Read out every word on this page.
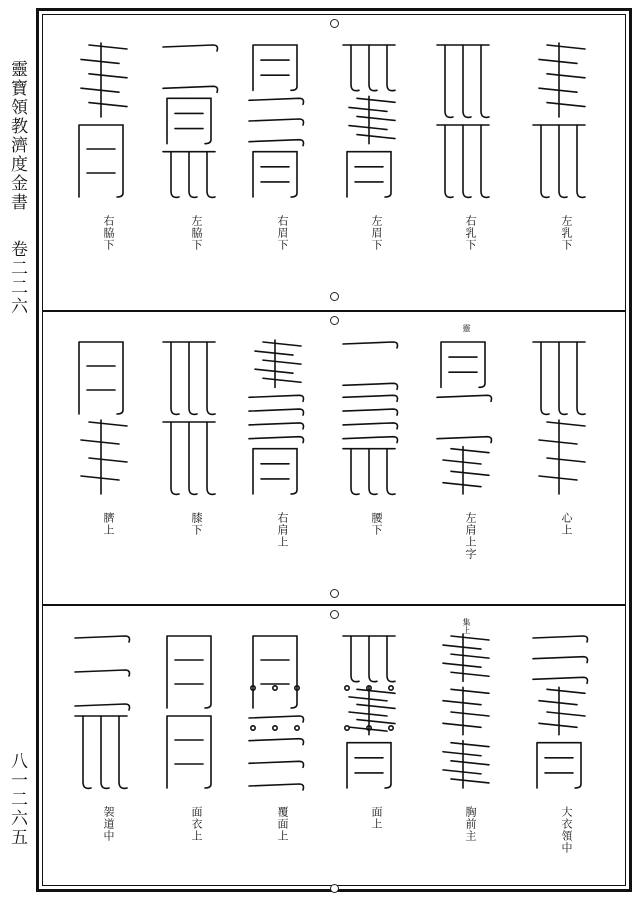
靈寶領教濟度金書
卷二二六
八一二六五
左乳下
右乳下
左眉下
右眉下
左脇下
右脇下
心上
左肩上字
腰下
右肩上
膝下
臍上
靈
大衣領中
胸前主
面上
覆面上
面衣上
袈道中
集上
